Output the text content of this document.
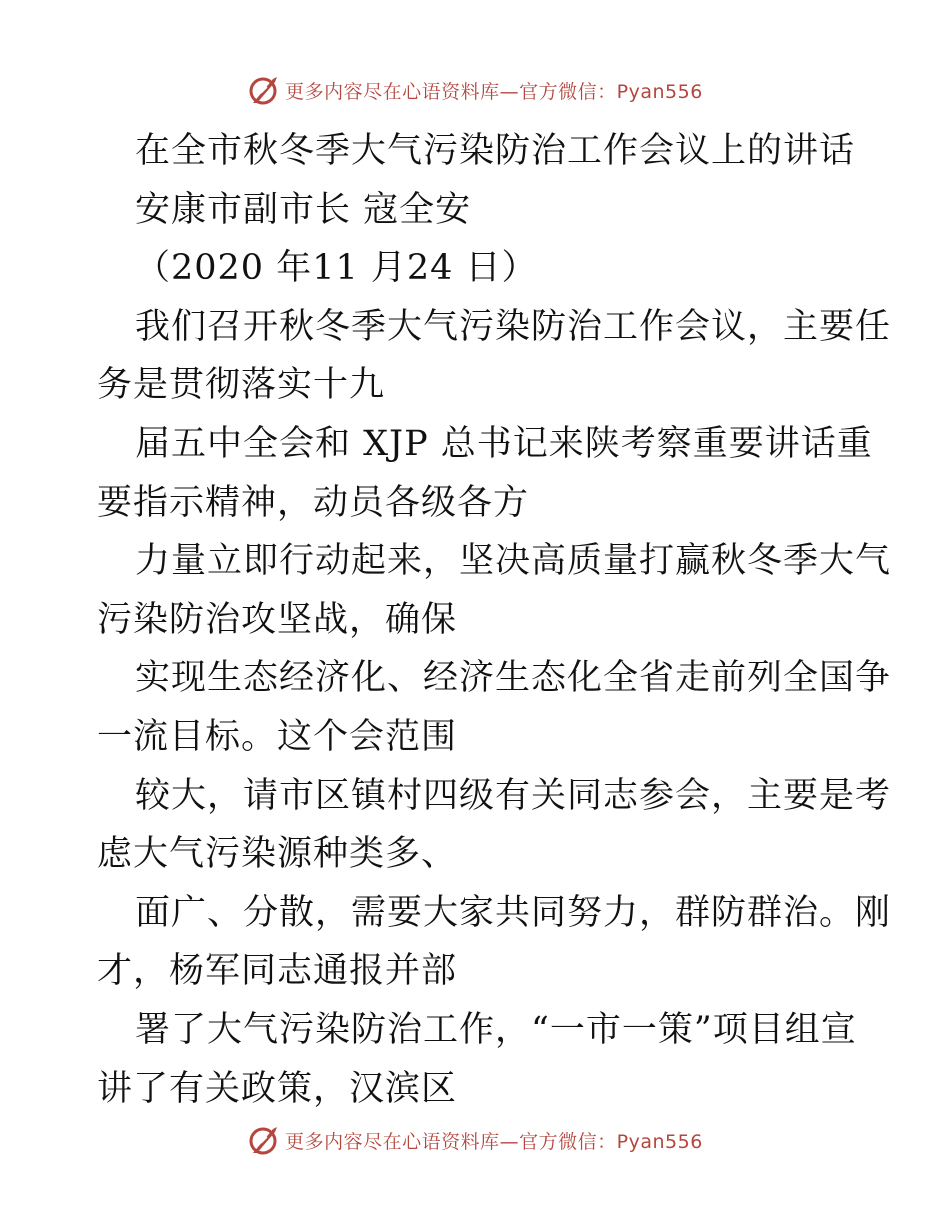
更多内容尽在心语资料库—官方微信：Pyan556
在全市秋冬季大气污染防治工作会议上的讲话
安康市副市长 寇全安
（2020 年11 月24 日）
我们召开秋冬季大气污染防治工作会议，主要任
务是贯彻落实十九
届五中全会和 XJP 总书记来陕考察重要讲话重
要指示精神，动员各级各方
力量立即行动起来，坚决高质量打赢秋冬季大气
污染防治攻坚战，确保
实现生态经济化、经济生态化全省走前列全国争
一流目标。这个会范围
较大，请市区镇村四级有关同志参会，主要是考
虑大气污染源种类多、
面广、分散，需要大家共同努力，群防群治。刚
才，杨军同志通报并部
署了大气污染防治工作，“一市一策”项目组宣
讲了有关政策，汉滨区
更多内容尽在心语资料库—官方微信：Pyan556
